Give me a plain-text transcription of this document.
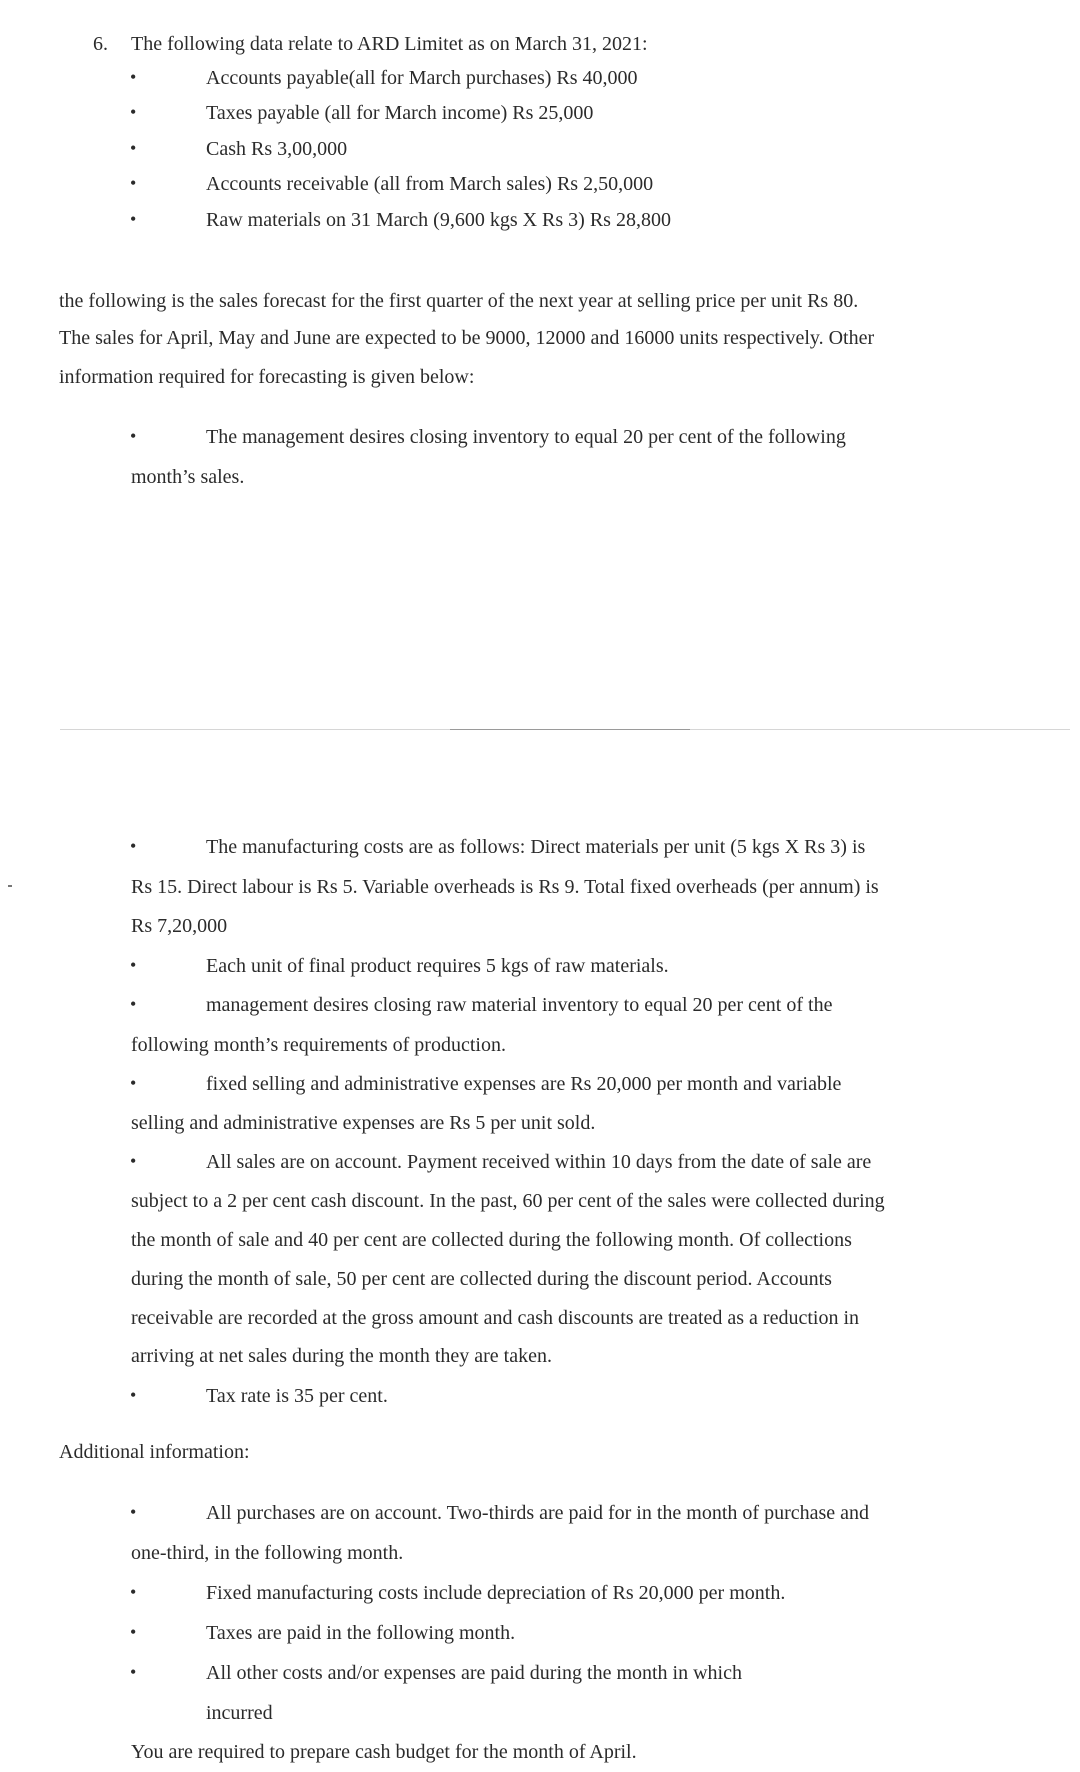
6. The following data relate to ARD Limitet as on March 31, 2021:
•	Accounts payable(all for March purchases) Rs 40,000
•	Taxes payable (all for March income) Rs 25,000
•	Cash Rs 3,00,000
•	Accounts receivable (all from March sales) Rs 2,50,000
•	Raw materials on 31 March (9,600 kgs X Rs 3) Rs 28,800
the following is the sales forecast for the first quarter of the next year at selling price per unit Rs 80.
The sales for April, May and June are expected to be 9000, 12000 and 16000 units respectively. Other
information required for forecasting is given below:
•	The management desires closing inventory to equal 20 per cent of the following
month’s sales.
•	The manufacturing costs are as follows: Direct materials per unit (5 kgs X Rs 3) is
Rs 15. Direct labour is Rs 5. Variable overheads is Rs 9. Total fixed overheads (per annum) is
Rs 7,20,000
•	Each unit of final product requires 5 kgs of raw materials.
•	management desires closing raw material inventory to equal 20 per cent of the
following month’s requirements of production.
•	fixed selling and administrative expenses are Rs 20,000 per month and variable
selling and administrative expenses are Rs 5 per unit sold.
•	All sales are on account. Payment received within 10 days from the date of sale are
subject to a 2 per cent cash discount. In the past, 60 per cent of the sales were collected during
the month of sale and 40 per cent are collected during the following month. Of collections
during the month of sale, 50 per cent are collected during the discount period. Accounts
receivable are recorded at the gross amount and cash discounts are treated as a reduction in
arriving at net sales during the month they are taken.
•	Tax rate is 35 per cent.
Additional information:
•	All purchases are on account. Two-thirds are paid for in the month of purchase and
one-third, in the following month.
•	Fixed manufacturing costs include depreciation of Rs 20,000 per month.
•	Taxes are paid in the following month.
•	All other costs and/or expenses are paid during the month in which
incurred
You are required to prepare cash budget for the month of April.
